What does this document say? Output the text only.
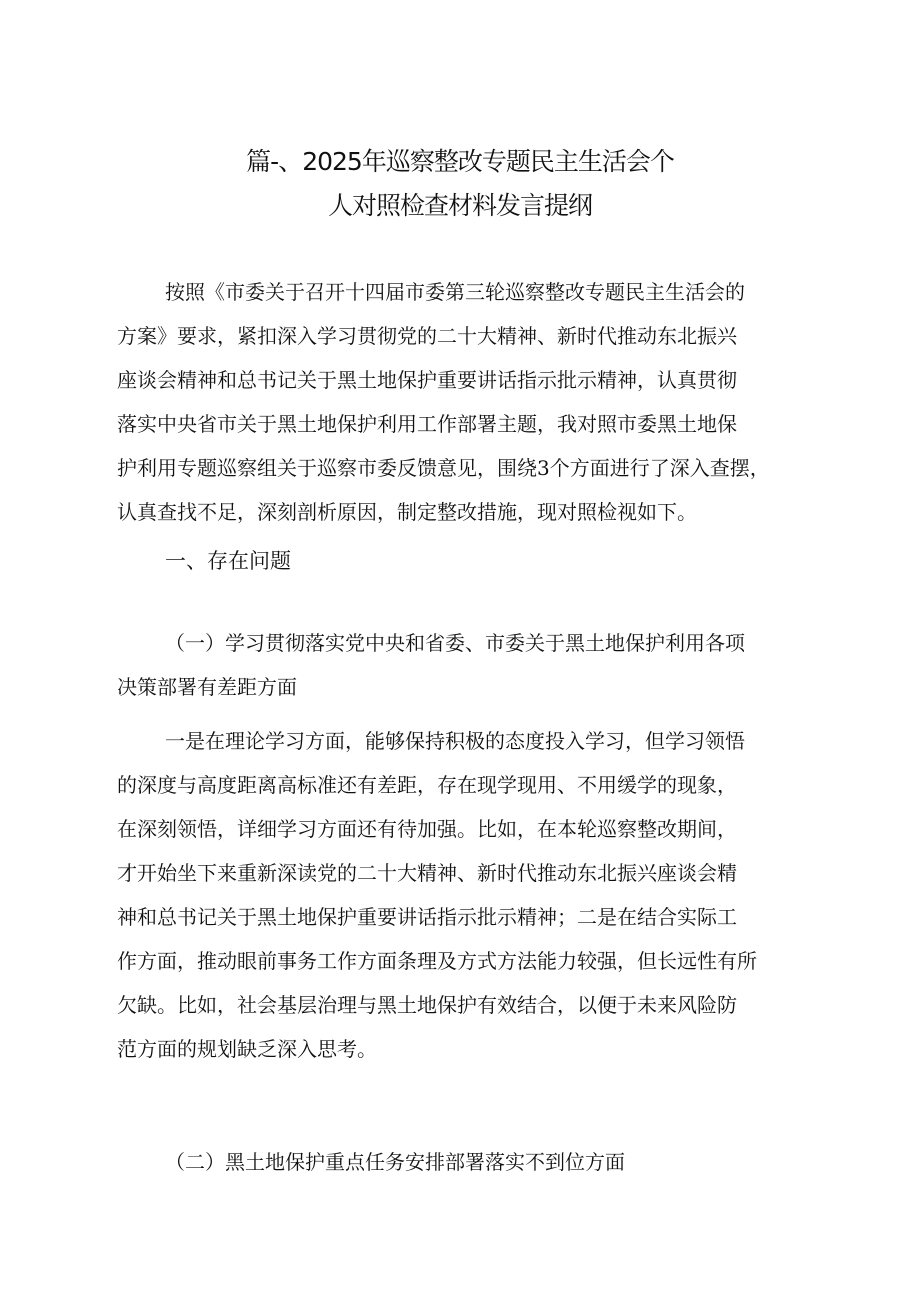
篇-、2025年巡察整改专题民主生活会个
人对照检查材料发言提纲
按照《市委关于召开十四届市委第三轮巡察整改专题民主生活会的
方案》要求，紧扣深入学习贯彻党的二十大精神、新时代推动东北振兴
座谈会精神和总书记关于黑土地保护重要讲话指示批示精神，认真贯彻
落实中央省市关于黑土地保护利用工作部署主题，我对照市委黑土地保
护利用专题巡察组关于巡察市委反馈意见，围绕3个方面进行了深入查摆，
认真查找不足，深刻剖析原因，制定整改措施，现对照检视如下。
一、存在问题
（一）学习贯彻落实党中央和省委、市委关于黑土地保护利用各项
决策部署有差距方面
一是在理论学习方面，能够保持积极的态度投入学习，但学习领悟
的深度与高度距离高标准还有差距，存在现学现用、不用缓学的现象，
在深刻领悟，详细学习方面还有待加强。比如，在本轮巡察整改期间，
才开始坐下来重新深读党的二十大精神、新时代推动东北振兴座谈会精
神和总书记关于黑土地保护重要讲话指示批示精神；二是在结合实际工
作方面，推动眼前事务工作方面条理及方式方法能力较强，但长远性有所
欠缺。比如，社会基层治理与黑土地保护有效结合，以便于未来风险防
范方面的规划缺乏深入思考。
（二）黑土地保护重点任务安排部署落实不到位方面
